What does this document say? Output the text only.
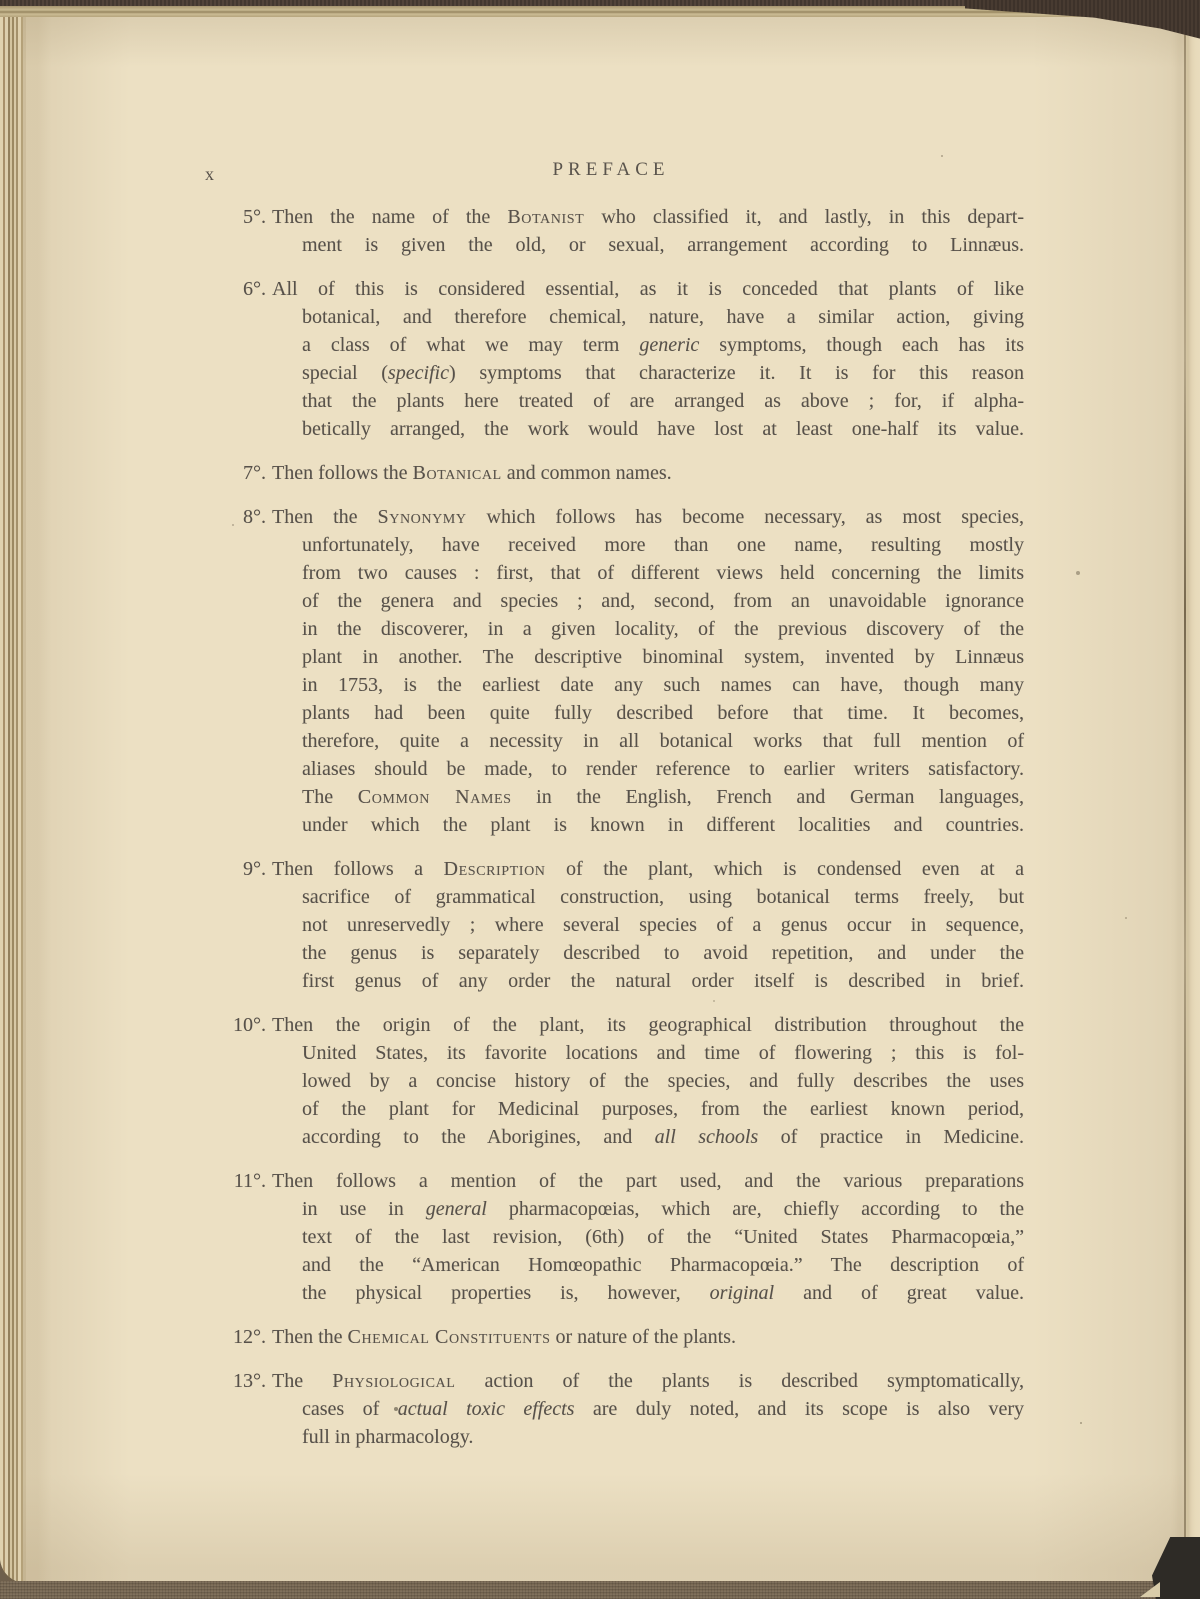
x	PREFACE
5°. Then the name of the Botanist who classified it, and lastly, in this depart-
ment is given the old, or sexual, arrangement according to Linnæus.
6°. All of this is considered essential, as it is conceded that plants of like
botanical, and therefore chemical, nature, have a similar action, giving
a class of what we may term generic symptoms, though each has its
special (specific) symptoms that characterize it. It is for this reason
that the plants here treated of are arranged as above ; for, if alpha-
betically arranged, the work would have lost at least one-half its value.
7°. Then follows the Botanical and common names.
8°. Then the Synonymy which follows has become necessary, as most species,
unfortunately, have received more than one name, resulting mostly
from two causes : first, that of different views held concerning the limits
of the genera and species ; and, second, from an unavoidable ignorance
in the discoverer, in a given locality, of the previous discovery of the
plant in another. The descriptive binominal system, invented by Linnæus
in 1753, is the earliest date any such names can have, though many
plants had been quite fully described before that time. It becomes,
therefore, quite a necessity in all botanical works that full mention of
aliases should be made, to render reference to earlier writers satisfactory.
The Common Names in the English, French and German languages,
under which the plant is known in different localities and countries.
9°. Then follows a Description of the plant, which is condensed even at a
sacrifice of grammatical construction, using botanical terms freely, but
not unreservedly ; where several species of a genus occur in sequence,
the genus is separately described to avoid repetition, and under the
first genus of any order the natural order itself is described in brief.
10°. Then the origin of the plant, its geographical distribution throughout the
United States, its favorite locations and time of flowering ; this is fol-
lowed by a concise history of the species, and fully describes the uses
of the plant for Medicinal purposes, from the earliest known period,
according to the Aborigines, and all schools of practice in Medicine.
11°. Then follows a mention of the part used, and the various preparations
in use in general pharmacopœias, which are, chiefly according to the
text of the last revision, (6th) of the “United States Pharmacopœia,”
and the “American Homœopathic Pharmacopœia.” The description of
the physical properties is, however, original and of great value.
12°. Then the Chemical Constituents or nature of the plants.
13°. The Physiological action of the plants is described symptomatically,
cases of actual toxic effects are duly noted, and its scope is also very
full in pharmacology.
